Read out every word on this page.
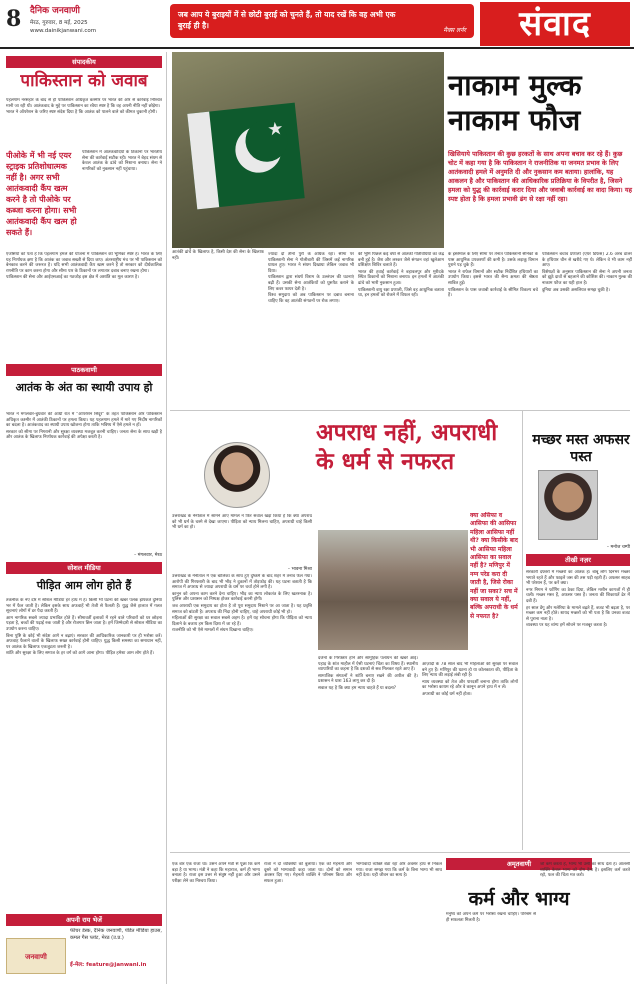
8 दैनिक जनवाणी
मेरठ, गुरुवार, 8 मई, 2025
www.dainikjanwani.com
जब आप ये बुराइयों में से छोटी बुराई को चुनते हैं, तो याद रखें कि वह अभी एक बुराई ही है।
मैक्स लर्नर	संवाद
संपादकीय
पाकिस्तान को जवाब

पहलगाम नरसंहार के बाद से ही पाकिस्तान अधिकृत कश्मीर पर भारत की ओर से कार्रवाई निश्चित मानी जा रही थी। आतंकवाद के मुद्दे पर पाकिस्तान का रवैया स्पष्ट है कि वह अपनी नीति नहीं छोड़ेगा।

भारत ने ऑपरेशन के जरिए स्पष्ट संदेश दिया है कि आतंक को पालने वाले को कीमत चुकानी होगी।

पीओके में भी नई एयर स्ट्राइक प्रतिशोधात्मक नहीं है। अगर सभी आतंकवादी कैंप खत्म करने है तो पीओके पर कब्जा करना होगा। सभी आतंकवादी कैंप खत्म हो सकते हैं।

पाकिस्तान में आतंकवादियों के ठिकानों पर भारतीय सेना की कार्रवाई सटीक रही। भारत ने बेहद संयम से केवल आतंक के ढांचे को निशाना बनाया। सेना ने नागरिकों को नुकसान नहीं पहुंचाया।

एजेंसियों को पता है कि पहलगाम हमले की योजना में पाकिस्तान की भूमिका स्पष्ट है। भारत के लिए यह निर्णायक क्षण है कि आतंक का जवाब सख्ती से दिया जाए। अंतरराष्ट्रीय मंच पर भी पाकिस्तान को बेनकाब करने की जरूरत है। यदि सभी आतंकवादी कैंप खत्म करने हैं तो सरकार को दीर्घकालिक रणनीति पर काम करना होगा और सीमा पार के ठिकानों पर लगातार दबाव बनाए रखना होगा।

पाकिस्तान की सेना और आईएसआई का गठजोड़ इस क्षेत्र में अशांति का मूल कारण है।

पाठकवाणी
आतंक के अंत का स्थायी उपाय हो

भारत ने मंगलवार-बुधवार की आधी रात में "ऑपरेशन सिंदूर" के तहत पाकिस्तान और पाकिस्तान अधिकृत कश्मीर में आतंकी ठिकानों पर हमला किया। यह पहलगाम हमले में मारे गए निर्दोष नागरिकों का बदला है। आतंकवाद का स्थायी उपाय खोजना होगा ताकि भविष्य में ऐसे हमले न हों।

सरकार को सीमा पर निगरानी और सुरक्षा व्यवस्था मजबूत करनी चाहिए। जनता सेना के साथ खड़ी है और आतंक के खिलाफ निर्णायक कार्रवाई की अपेक्षा करती है।

– मंगलवार, मेरठ
सोशल मीडिया
पीड़ित आम लोग होते हैं

तकनीक के नए दौर में सोशल मीडिया हर हाथ में है। किसी भी घटना की खबर पलक झपकते दुनिया भर में फैल जाती है। लेकिन इसके साथ अफवाहें भी तेजी से फैलती हैं। युद्ध जैसे हालात में गलत सूचनाएं लोगों में डर पैदा करती हैं।

आम नागरिक सबसे ज्यादा प्रभावित होते हैं। सीमावर्ती इलाकों में रहने वाले परिवारों को घर छोड़ना पड़ता है, बच्चों की पढ़ाई रुक जाती है और रोजगार छिन जाता है। हमें जिम्मेदारी से सोशल मीडिया का उपयोग करना चाहिए।

बिना पुष्टि के कोई भी संदेश आगे न बढ़ाएं। सरकार की आधिकारिक जानकारी पर ही भरोसा करें। अफवाह फैलाने वालों के खिलाफ सख्त कार्रवाई होनी चाहिए। युद्ध किसी समस्या का समाधान नहीं, पर आतंक के खिलाफ एकजुटता जरूरी है।

शांति और सुरक्षा के लिए समाज के हर वर्ग को आगे आना होगा। पीड़ित हमेशा आम लोग होते हैं।

अपनी राय भेजें
फीचर डेस्क, दैनिक जनवाणी, पंडित मीडिया हाउस, कमल गैस प्लांट, मेरठ (उ.प्र.)
ई-मेल: feature@janwani.in
जनवाणी

आतंकी ढांचे के खिलाफ है, किसी देश की सेना के खिलाफ नहीं।

★

ज्यादा दो तीनों पुरी के अधिक रहा। सीमा पर पाकिस्तानी सेना ने गोलीबारी की जिसमें कई नागरिक घायल हुए। भारत ने संयम दिखाया लेकिन जवाब भी दिया।

पाकिस्तान द्वारा संघर्ष विराम के उल्लंघन की घटनाएं बढ़ी हैं। उसकी सेना आतंकियों को घुसपैठ कराने के लिए कवर फायर देती है।

विश्व समुदाय को अब पाकिस्तान पर दबाव बनाना चाहिए कि वह आतंकी संगठनों पर रोक लगाए।

की भूमि पिछले कई वर्षों से आतंकी गतिविधियों का केंद्र बनी हुई है। जैश और लश्कर जैसे संगठन वहां खुलेआम प्रशिक्षण शिविर चलाते हैं।

भारत की हवाई कार्रवाई ने बहावलपुर और मुरीदके स्थित ठिकानों को निशाना बनाया। इन हमलों में आतंकी ढांचे को भारी नुकसान हुआ।

पाकिस्तानी वायु रक्षा प्रणाली, जिसे वह आधुनिक बताता था, इन हमलों को रोकने में विफल रही।

नाकाम मुल्क नाकाम फौज
खिसियाये पाकिस्तान की कुछ हरकतों के साथ अपना बचाव कर रहे हैं। कुछ चोट में कहा गया है कि पाकिस्तान ने राजनीतिक या जनमत प्रभाव के लिए आतंकवादी हमले में अनुमति दी और नुकसान कम बताया। हालांकि, यह आकलन है और पाकिस्तान की आधिकारिक प्रतिक्रिया के विपरीत है, जिसने हमला को युद्ध की कार्रवाई करार दिया और जवाबी कार्रवाई का वादा किया। यह स्पष्ट होता है कि हमला प्रभावी ढंग से रक्षा नहीं रहा।

के इस्तेमाल के लिए सीमा पर तैनात पाकिस्तानी सैनिकों के पास आधुनिक उपकरणों की कमी है। उसके लड़ाकू विमान पुराने पड़ चुके हैं।

भारत ने राफेल विमानों और सटीक निर्देशित हथियारों का उपयोग किया। इससे भारत की सैन्य क्षमता की श्रेष्ठता साबित हुई।

पाकिस्तान के पास जवाबी कार्रवाई के सीमित विकल्प बचे हैं।

पाकिस्तान बचाव प्रणाली (एयर डिफेंस) 2.6 अरब डॉलर के हथियार चीन से खरीदे गए थे। लेकिन वे भी काम नहीं आए।

विशेषज्ञों के अनुसार पाकिस्तान की सेना ने अपनी जनता को झूठे दावों से बहलाने की कोशिश की। नाकाम मुल्क की नाकाम फौज का यही हाल है।

दुनिया अब उसकी असलियत समझ चुकी है।

अपराध नहीं, अपराधी के धर्म से नफरत

उत्तराखंड के नैनीताल में सामने आए मामले ने फिर सवाल खड़ा किया है कि क्या अपराध को भी धर्म के चश्मे से देखा जाएगा। पीड़िता को न्याय मिलना चाहिए, अपराधी चाहे किसी भी धर्म का हो।

– भावना मिश्रा

उत्तराखंड के नैनीताल में एक बालिका के साथ हुए दुष्कर्म के बाद शहर में तनाव फैल गया। आरोपी की गिरफ्तारी के बाद भी भीड़ ने दुकानों में तोड़फोड़ की। यह घटना बताती है कि समाज में अपराध से ज्यादा अपराधी के धर्म पर चर्चा होने लगी है।

कानून को अपना काम करने देना चाहिए। भीड़ का न्याय लोकतंत्र के लिए खतरनाक है। पुलिस और प्रशासन को निष्पक्ष होकर कार्रवाई करनी होगी।

जब अपराधी एक समुदाय का होता है तो पूरा समुदाय निशाने पर आ जाता है। यह प्रवृत्ति समाज को बांटती है। अपराध की निंदा होनी चाहिए, चाहे अपराधी कोई भी हो।

महिलाओं की सुरक्षा का सवाल सबसे अहम है। हमें यह सोचना होगा कि पीड़िता को न्याय दिलाने के बजाय हम किस दिशा में जा रहे हैं।

राजनीति को भी ऐसे मामलों में संयम दिखाना चाहिए।

क्या असिफा व आसिफा की आसिफा महिला आसिफा नहीं थी? क्या किसीके बाद भी आसिफा महिला आसिफा का सवाल नहीं है? मणिपुर में नग्न परेड करा दी जाती है, जिसे रोका नहीं जा सका? सच में क्या सवाल ये नहीं, बल्कि अपराधी के धर्म से नफरत है?

दर्जनों के गिरफ्तार होने और सामूहिक पलायन की खबरें आईं। पहाड़ के शांत माहौल में ऐसी घटनाएं चिंता का विषय हैं। स्थानीय व्यापारियों का कहना है कि दशकों से सब मिलकर रहते आए हैं।

सामाजिक संगठनों ने शांति बनाए रखने की अपील की है। प्रशासन ने धारा 163 लागू कर दी है।

सवाल यह है कि क्या हम न्याय चाहते हैं या बदला?

आज़ादी के 78 साल बाद भी महिलाओं की सुरक्षा पर सवाल बने हुए हैं। मणिपुर की घटना हो या कोलकाता की, पीड़िता के लिए न्याय की लड़ाई लंबी रही है।

न्याय व्यवस्था को तेज और पारदर्शी बनाना होगा ताकि लोगों का भरोसा कायम रहे और वे कानून अपने हाथ में न लें।

अपराधी का कोई धर्म नहीं होता।

मच्छर मस्त अफसर पस्त
– मनोज चम्पी
तीखी नज़र

सरकारी दफ्तरों में मच्छरों का आतंक है। बाबू लोग दिनभर मच्छर भगाते रहते हैं और फाइलें जस की तस पड़ी रहती हैं। अफसर साहब भी परेशान हैं, पर करें क्या।

नगर निगम ने फॉगिंग का ठेका दिया, लेकिन मशीन कागजों में ही चली। मच्छर मस्त हैं, अफसर पस्त हैं। जनता की शिकायतें ढेर में दबी हैं।

हर साल डेंगू और मलेरिया के मामले बढ़ते हैं, बजट भी बढ़ता है, पर मच्छर कम नहीं होते। शायद मच्छरों को भी पता है कि उनका बजट से पुराना नाता है।

व्यवस्था पर यह व्यंग्य हमें सोचने पर मजबूर करता है।

अमृतवाणी
कर्म और भाग्य

एक बार एक राजा था। उसने अपने मंत्री से पूछा कि कर्म बड़ा है या भाग्य। मंत्री ने कहा कि महाराज, कर्म ही भाग्य बनाता है। राजा इस उत्तर से संतुष्ट नहीं हुआ और उसने परीक्षा लेने का निश्चय किया।

राजा ने दो व्यक्तियों को बुलाया। एक को मेहनती और दूसरे को भाग्यवादी कहा जाता था। दोनों को समान अवसर दिए गए। मेहनती व्यक्ति ने परिश्रम किया और सफल हुआ।

भाग्यवादी व्यक्ति बैठा रहा और अवसर हाथ से निकल गया। राजा समझ गया कि कर्म के बिना भाग्य भी साथ नहीं देता। यही जीवन का सत्य है।

मनुष्य को अपने कर्म पर भरोसा रखना चाहिए। परिश्रम से ही सफलता मिलती है।

जो कर्म करता है, भाग्य भी उसी का साथ देता है। आलसी व्यक्ति केवल भाग्य को दोष देता है। इसलिए कर्म करते रहो, फल की चिंता मत करो।
